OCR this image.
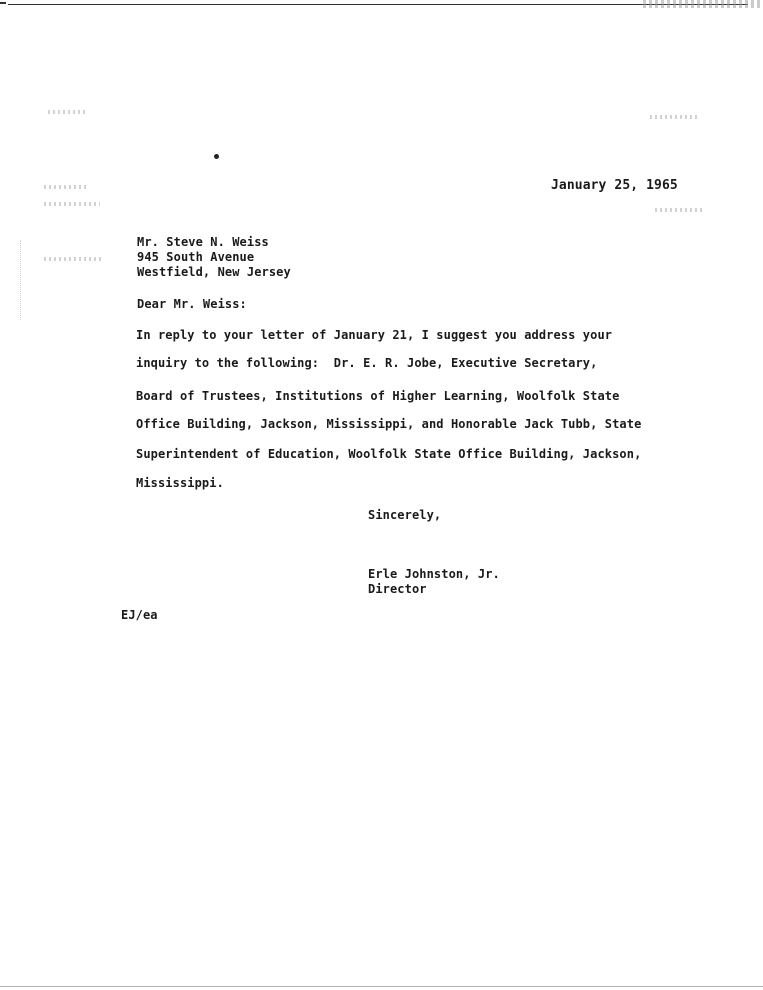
January 25, 1965
Mr. Steve N. Weiss
945 South Avenue
Westfield, New Jersey
Dear Mr. Weiss:
In reply to your letter of January 21, I suggest you address your
inquiry to the following:  Dr. E. R. Jobe, Executive Secretary,
Board of Trustees, Institutions of Higher Learning, Woolfolk State
Office Building, Jackson, Mississippi, and Honorable Jack Tubb, State
Superintendent of Education, Woolfolk State Office Building, Jackson,
Mississippi.
Sincerely,
Erle Johnston, Jr.
Director
EJ/ea
